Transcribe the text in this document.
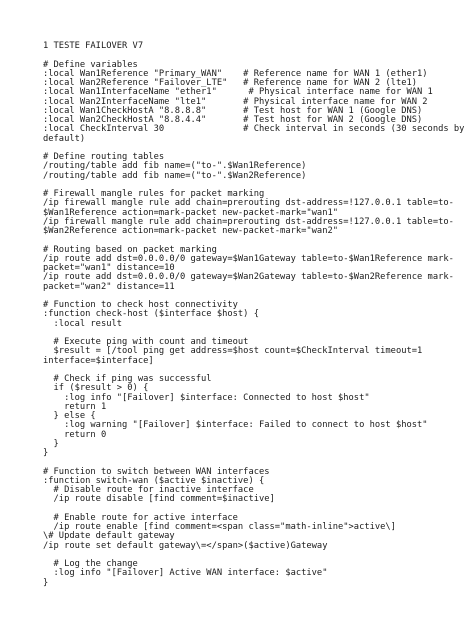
1 TESTE FAILOVER V7
# Define variables
:local Wan1Reference "Primary_WAN"    # Reference name for WAN 1 (ether1)
:local Wan2Reference "Failover_LTE"   # Reference name for WAN 2 (lte1)
:local Wan1InterfaceName "ether1"      # Physical interface name for WAN 1
:local Wan2InterfaceName "lte1"       # Physical interface name for WAN 2
:local Wan1CheckHostA "8.8.8.8"       # Test host for WAN 1 (Google DNS)
:local Wan2CheckHostA "8.8.4.4"       # Test host for WAN 2 (Google DNS)
:local CheckInterval 30               # Check interval in seconds (30 seconds by
default)
# Define routing tables
/routing/table add fib name=("to-".$Wan1Reference)
/routing/table add fib name=("to-".$Wan2Reference)
# Firewall mangle rules for packet marking
/ip firewall mangle rule add chain=prerouting dst-address=!127.0.0.1 table=to-
$Wan1Reference action=mark-packet new-packet-mark="wan1"
/ip firewall mangle rule add chain=prerouting dst-address=!127.0.0.1 table=to-
$Wan2Reference action=mark-packet new-packet-mark="wan2"
# Routing based on packet marking
/ip route add dst=0.0.0.0/0 gateway=$Wan1Gateway table=to-$Wan1Reference mark-
packet="wan1" distance=10
/ip route add dst=0.0.0.0/0 gateway=$Wan2Gateway table=to-$Wan2Reference mark-
packet="wan2" distance=11
# Function to check host connectivity
:function check-host ($interface $host) {
:local result
# Execute ping with count and timeout
$result = [/tool ping get address=$host count=$CheckInterval timeout=1
interface=$interface]
# Check if ping was successful
if ($result > 0) {
:log info "[Failover] $interface: Connected to host $host"
return 1
} else {
:log warning "[Failover] $interface: Failed to connect to host $host"
return 0
}
}
# Function to switch between WAN interfaces
:function switch-wan ($active $inactive) {
# Disable route for inactive interface
/ip route disable [find comment=$inactive]
# Enable route for active interface
/ip route enable [find comment=<span class="math-inline">active\]
\# Update default gateway
/ip route set default gateway\=</span>($active)Gateway
# Log the change
:log info "[Failover] Active WAN interface: $active"
}
